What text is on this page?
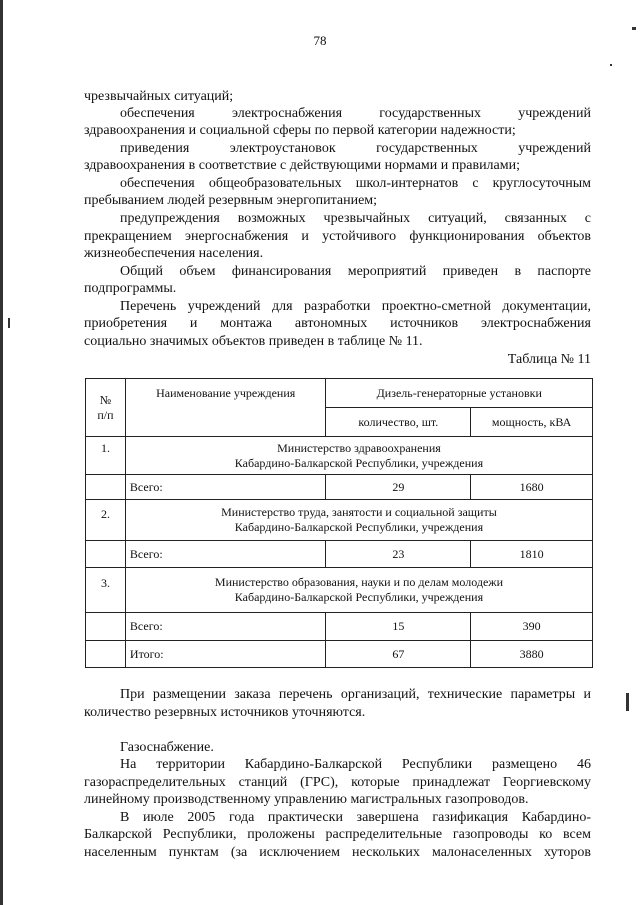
78

чрезвычайных ситуаций;

обеспечения электроснабжения государственных учреждений

здравоохранения и социальной сферы по первой категории надежности;

приведения электроустановок государственных учреждений

здравоохранения в соответствие с действующими нормами и правилами;

обеспечения общеобразовательных школ-интернатов с круглосуточным

пребыванием людей резервным энергопитанием;

предупреждения возможных чрезвычайных ситуаций, связанных с

прекращением энергоснабжения и устойчивого функционирования объектов

жизнеобеспечения населения.

Общий объем финансирования мероприятий приведен в паспорте

подпрограммы.

Перечень учреждений для разработки проектно-сметной документации,

приобретения и монтажа автономных источников электроснабжения

социально значимых объектов приведен в таблице № 11.

Таблица № 11

№
п/п	Наименование учреждения	Дизель-генераторные установки	
		количество, шт.	мощность, кВА
1.	Министерство здравоохранения
Кабардино-Балкарской Республики, учреждения		

	Всего:	29	1680
2.	Министерство труда, занятости и социальной защиты
Кабардино-Балкарской Республики, учреждения		

	Всего:	23	1810
3.	Министерство образования, науки и по делам молодежи
Кабардино-Балкарской Республики, учреждения		

	Всего:	15	390
	Итого:	67	3880

При размещении заказа перечень организаций, технические параметры и

количество резервных источников уточняются.

Газоснабжение.

На территории Кабардино-Балкарской Республики размещено 46

газораспределительных станций (ГРС), которые принадлежат Георгиевскому

линейному производственному управлению магистральных газопроводов.

В июле 2005 года практически завершена газификация Кабардино-

Балкарской Республики, проложены распределительные газопроводы ко всем

населенным пунктам (за исключением нескольких малонаселенных хуторов
